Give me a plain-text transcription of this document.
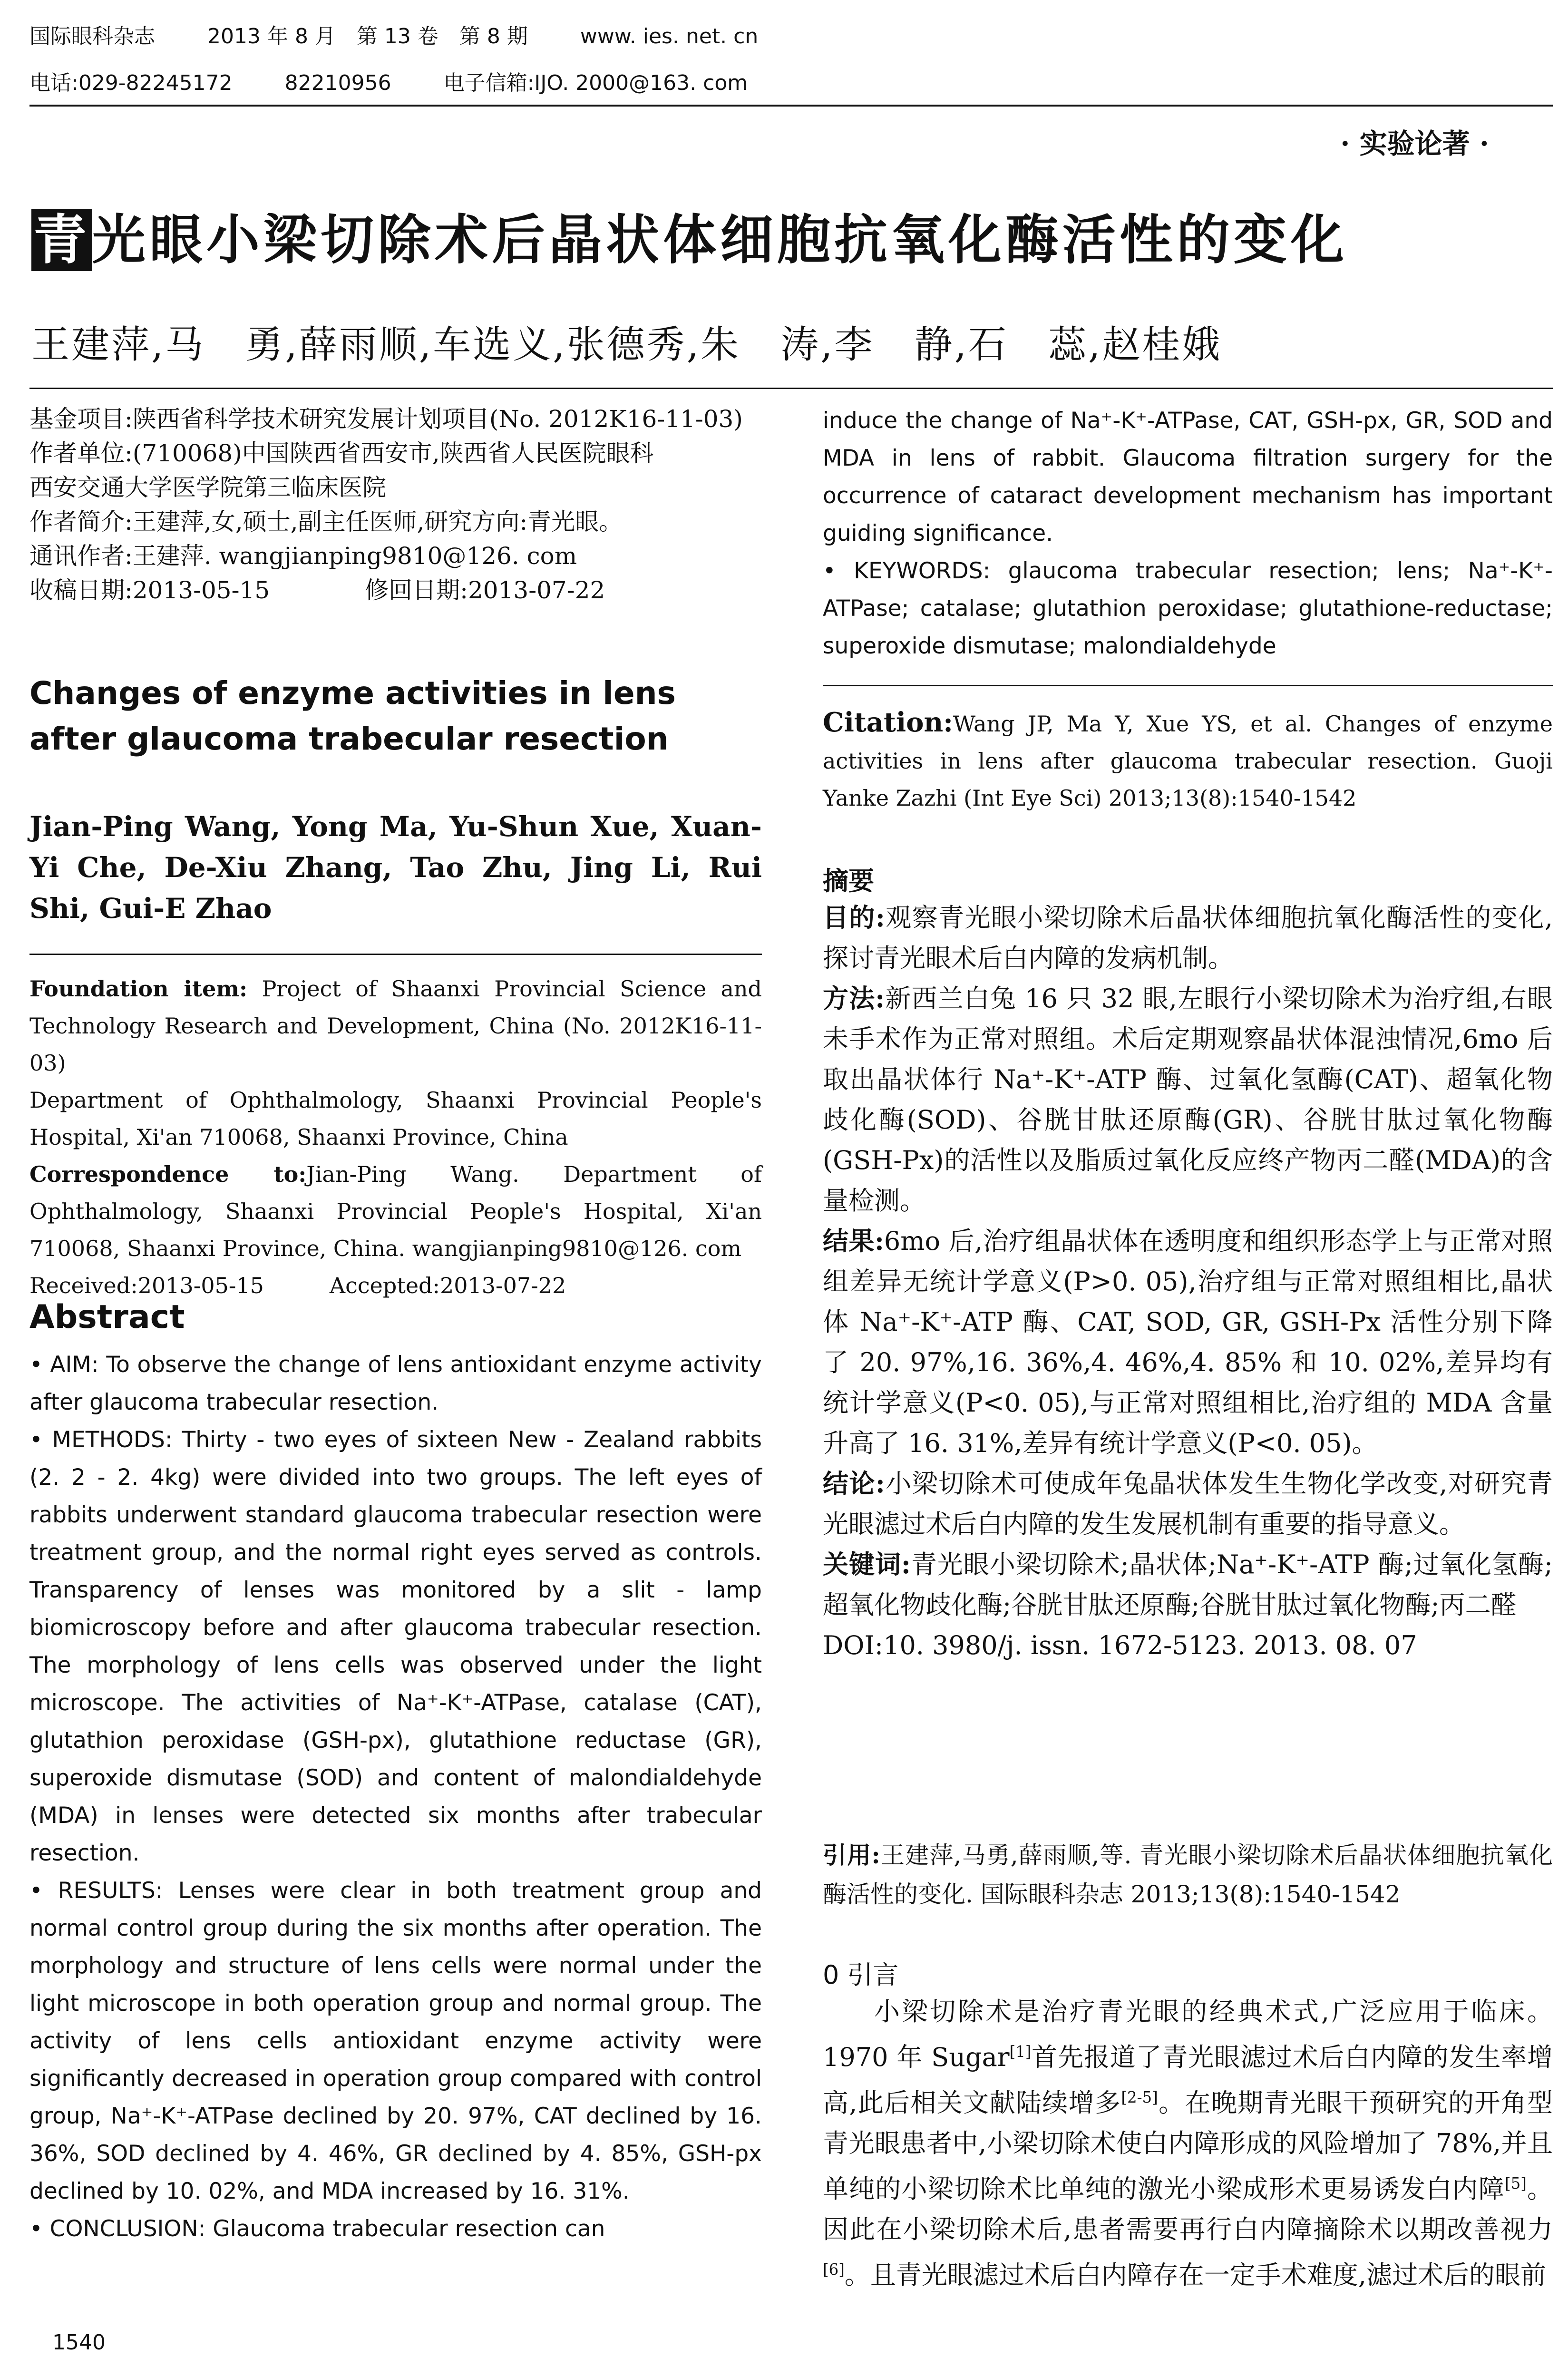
国际眼科杂志	2013 年 8 月　第 13 卷　第 8 期	www. ies. net. cn
电话:029-82245172	82210956	电子信箱:IJO. 2000@163. com
· 实验论著 ·
青光眼小梁切除术后晶状体细胞抗氧化酶活性的变化
王建萍,马　勇,薛雨顺,车选义,张德秀,朱　涛,李　静,石　蕊,赵桂娥
基金项目:陕西省科学技术研究发展计划项目(No. 2012K16-11-03)
作者单位:(710068)中国陕西省西安市,陕西省人民医院眼科
西安交通大学医学院第三临床医院
作者简介:王建萍,女,硕士,副主任医师,研究方向:青光眼。
通讯作者:王建萍. wangjianping9810@126. com
收稿日期:2013-05-15　　　　修回日期:2013-07-22
Changes of enzyme activities in lens after glaucoma trabecular resection
Jian-Ping Wang, Yong Ma, Yu-Shun Xue, Xuan-Yi Che, De-Xiu Zhang, Tao Zhu, Jing Li, Rui Shi, Gui-E Zhao

Foundation item: Project of Shaanxi Provincial Science and Technology Research and Development, China (No. 2012K16-11-03)

Department of Ophthalmology, Shaanxi Provincial People's Hospital, Xi'an 710068, Shaanxi Province, China

Correspondence to:Jian-Ping Wang. Department of Ophthalmology, Shaanxi Provincial People's Hospital, Xi'an 710068, Shaanxi Province, China. wangjianping9810@126. com

Received:2013-05-15　　　Accepted:2013-07-22

Abstract

• AIM: To observe the change of lens antioxidant enzyme activity after glaucoma trabecular resection.

• METHODS: Thirty - two eyes of sixteen New - Zealand rabbits (2. 2 - 2. 4kg) were divided into two groups. The left eyes of rabbits underwent standard glaucoma trabecular resection were treatment group, and the normal right eyes served as controls. Transparency of lenses was monitored by a slit - lamp biomicroscopy before and after glaucoma trabecular resection. The morphology of lens cells was observed under the light microscope. The activities of Na⁺-K⁺-ATPase, catalase (CAT), glutathion peroxidase (GSH-px), glutathione reductase (GR), superoxide dismutase (SOD) and content of malondialdehyde (MDA) in lenses were detected six months after trabecular resection.

• RESULTS: Lenses were clear in both treatment group and normal control group during the six months after operation. The morphology and structure of lens cells were normal under the light microscope in both operation group and normal group. The activity of lens cells antioxidant enzyme activity were significantly decreased in operation group compared with control group, Na⁺-K⁺-ATPase declined by 20. 97%, CAT declined by 16. 36%, SOD declined by 4. 46%, GR declined by 4. 85%, GSH-px declined by 10. 02%, and MDA increased by 16. 31%.

• CONCLUSION: Glaucoma trabecular resection can

1540

induce the change of Na⁺-K⁺-ATPase, CAT, GSH-px, GR, SOD and MDA in lens of rabbit. Glaucoma filtration surgery for the occurrence of cataract development mechanism has important guiding significance.

• KEYWORDS: glaucoma trabecular resection; lens; Na⁺-K⁺-ATPase; catalase; glutathion peroxidase; glutathione-reductase; superoxide dismutase; malondialdehyde

Citation:Wang JP, Ma Y, Xue YS, et al. Changes of enzyme activities in lens after glaucoma trabecular resection. Guoji Yanke Zazhi (Int Eye Sci) 2013;13(8):1540-1542
摘要

目的:观察青光眼小梁切除术后晶状体细胞抗氧化酶活性的变化,探讨青光眼术后白内障的发病机制。

方法:新西兰白兔 16 只 32 眼,左眼行小梁切除术为治疗组,右眼未手术作为正常对照组。术后定期观察晶状体混浊情况,6mo 后取出晶状体行 Na⁺-K⁺-ATP 酶、过氧化氢酶(CAT)、超氧化物歧化酶(SOD)、谷胱甘肽还原酶(GR)、谷胱甘肽过氧化物酶(GSH-Px)的活性以及脂质过氧化反应终产物丙二醛(MDA)的含量检测。

结果:6mo 后,治疗组晶状体在透明度和组织形态学上与正常对照组差异无统计学意义(P>0. 05),治疗组与正常对照组相比,晶状体 Na⁺-K⁺-ATP 酶、CAT, SOD, GR, GSH-Px 活性分别下降了 20. 97%,16. 36%,4. 46%,4. 85% 和 10. 02%,差异均有统计学意义(P<0. 05),与正常对照组相比,治疗组的 MDA 含量升高了 16. 31%,差异有统计学意义(P<0. 05)。

结论:小梁切除术可使成年兔晶状体发生生物化学改变,对研究青光眼滤过术后白内障的发生发展机制有重要的指导意义。

关键词:青光眼小梁切除术;晶状体;Na⁺-K⁺-ATP 酶;过氧化氢酶;超氧化物歧化酶;谷胱甘肽还原酶;谷胱甘肽过氧化物酶;丙二醛

DOI:10. 3980/j. issn. 1672-5123. 2013. 08. 07

引用:王建萍,马勇,薛雨顺,等. 青光眼小梁切除术后晶状体细胞抗氧化酶活性的变化. 国际眼科杂志 2013;13(8):1540-1542
0 引言

小梁切除术是治疗青光眼的经典术式,广泛应用于临床。1970 年 Sugar[1]首先报道了青光眼滤过术后白内障的发生率增高,此后相关文献陆续增多[2-5]。在晚期青光眼干预研究的开角型青光眼患者中,小梁切除术使白内障形成的风险增加了 78%,并且单纯的小梁切除术比单纯的激光小梁成形术更易诱发白内障[5]。因此在小梁切除术后,患者需要再行白内障摘除术以期改善视力[6]。且青光眼滤过术后白内障存在一定手术难度,滤过术后的眼前
